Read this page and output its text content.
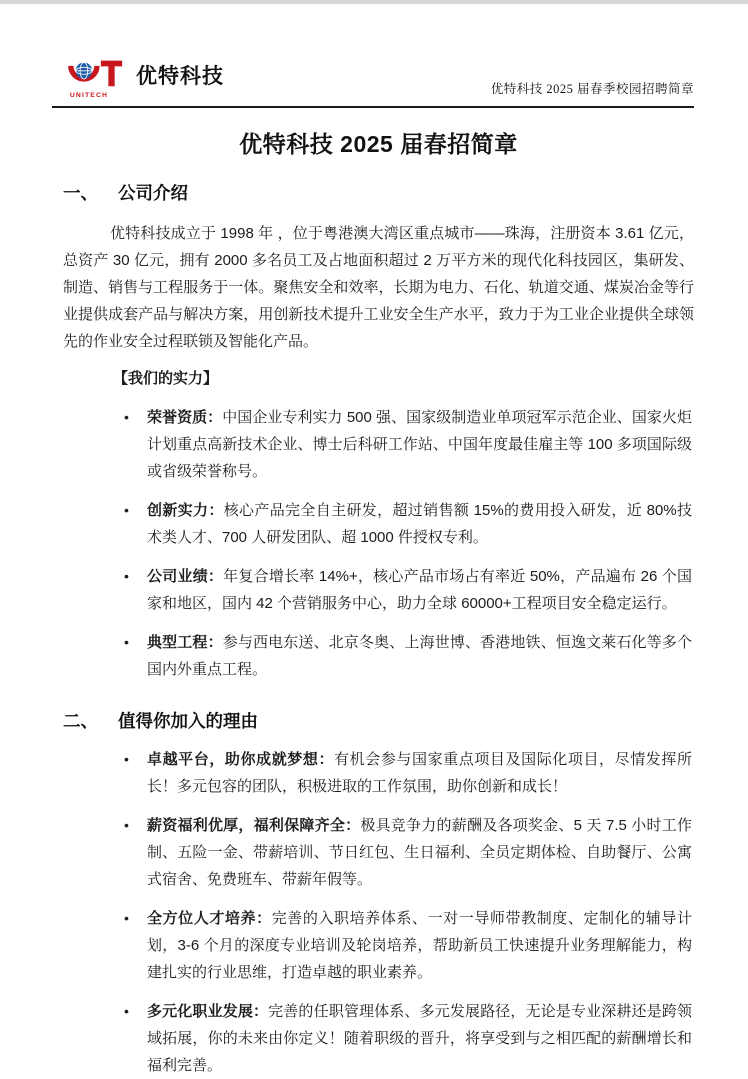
UNITECH
优特科技
优特科技 2025 届春季校园招聘简章
优特科技 2025 届春招简章
一、	公司介绍

优特科技成立于 1998 年 ，位于粤港澳大湾区重点城市——珠海，注册资本 3.61 亿元，总资产 30 亿元，拥有 2000 多名员工及占地面积超过 2 万平方米的现代化科技园区，集研发、制造、销售与工程服务于一体。聚焦安全和效率，长期为电力、石化、轨道交通、煤炭冶金等行业提供成套产品与解决方案，用创新技术提升工业安全生产水平，致力于为工业企业提供全球领先的作业安全过程联锁及智能化产品。

【我们的实力】
• 荣誉资质：中国企业专利实力 500 强、国家级制造业单项冠军示范企业、国家火炬计划重点高新技术企业、博士后科研工作站、中国年度最佳雇主等 100 多项国际级或省级荣誉称号。
• 创新实力：核心产品完全自主研发，超过销售额 15%的费用投入研发，近 80%技术类人才、700 人研发团队、超 1000 件授权专利。
• 公司业绩：年复合增长率 14%+，核心产品市场占有率近 50%，产品遍布 26 个国家和地区，国内 42 个营销服务中心，助力全球 60000+工程项目安全稳定运行。
• 典型工程：参与西电东送、北京冬奥、上海世博、香港地铁、恒逸文莱石化等多个国内外重点工程。
二、	值得你加入的理由
• 卓越平台，助你成就梦想：有机会参与国家重点项目及国际化项目，尽情发挥所长！多元包容的团队，积极进取的工作氛围，助你创新和成长！
• 薪资福利优厚，福利保障齐全：极具竞争力的薪酬及各项奖金、5 天 7.5 小时工作制、五险一金、带薪培训、节日红包、生日福利、全员定期体检、自助餐厅、公寓式宿舍、免费班车、带薪年假等。
• 全方位人才培养：完善的入职培养体系、一对一导师带教制度、定制化的辅导计划，3-6 个月的深度专业培训及轮岗培养，帮助新员工快速提升业务理解能力，构建扎实的行业思维，打造卓越的职业素养。
• 多元化职业发展：完善的任职管理体系、多元发展路径，无论是专业深耕还是跨领域拓展，你的未来由你定义！随着职级的晋升，将享受到与之相匹配的薪酬增长和福利完善。
